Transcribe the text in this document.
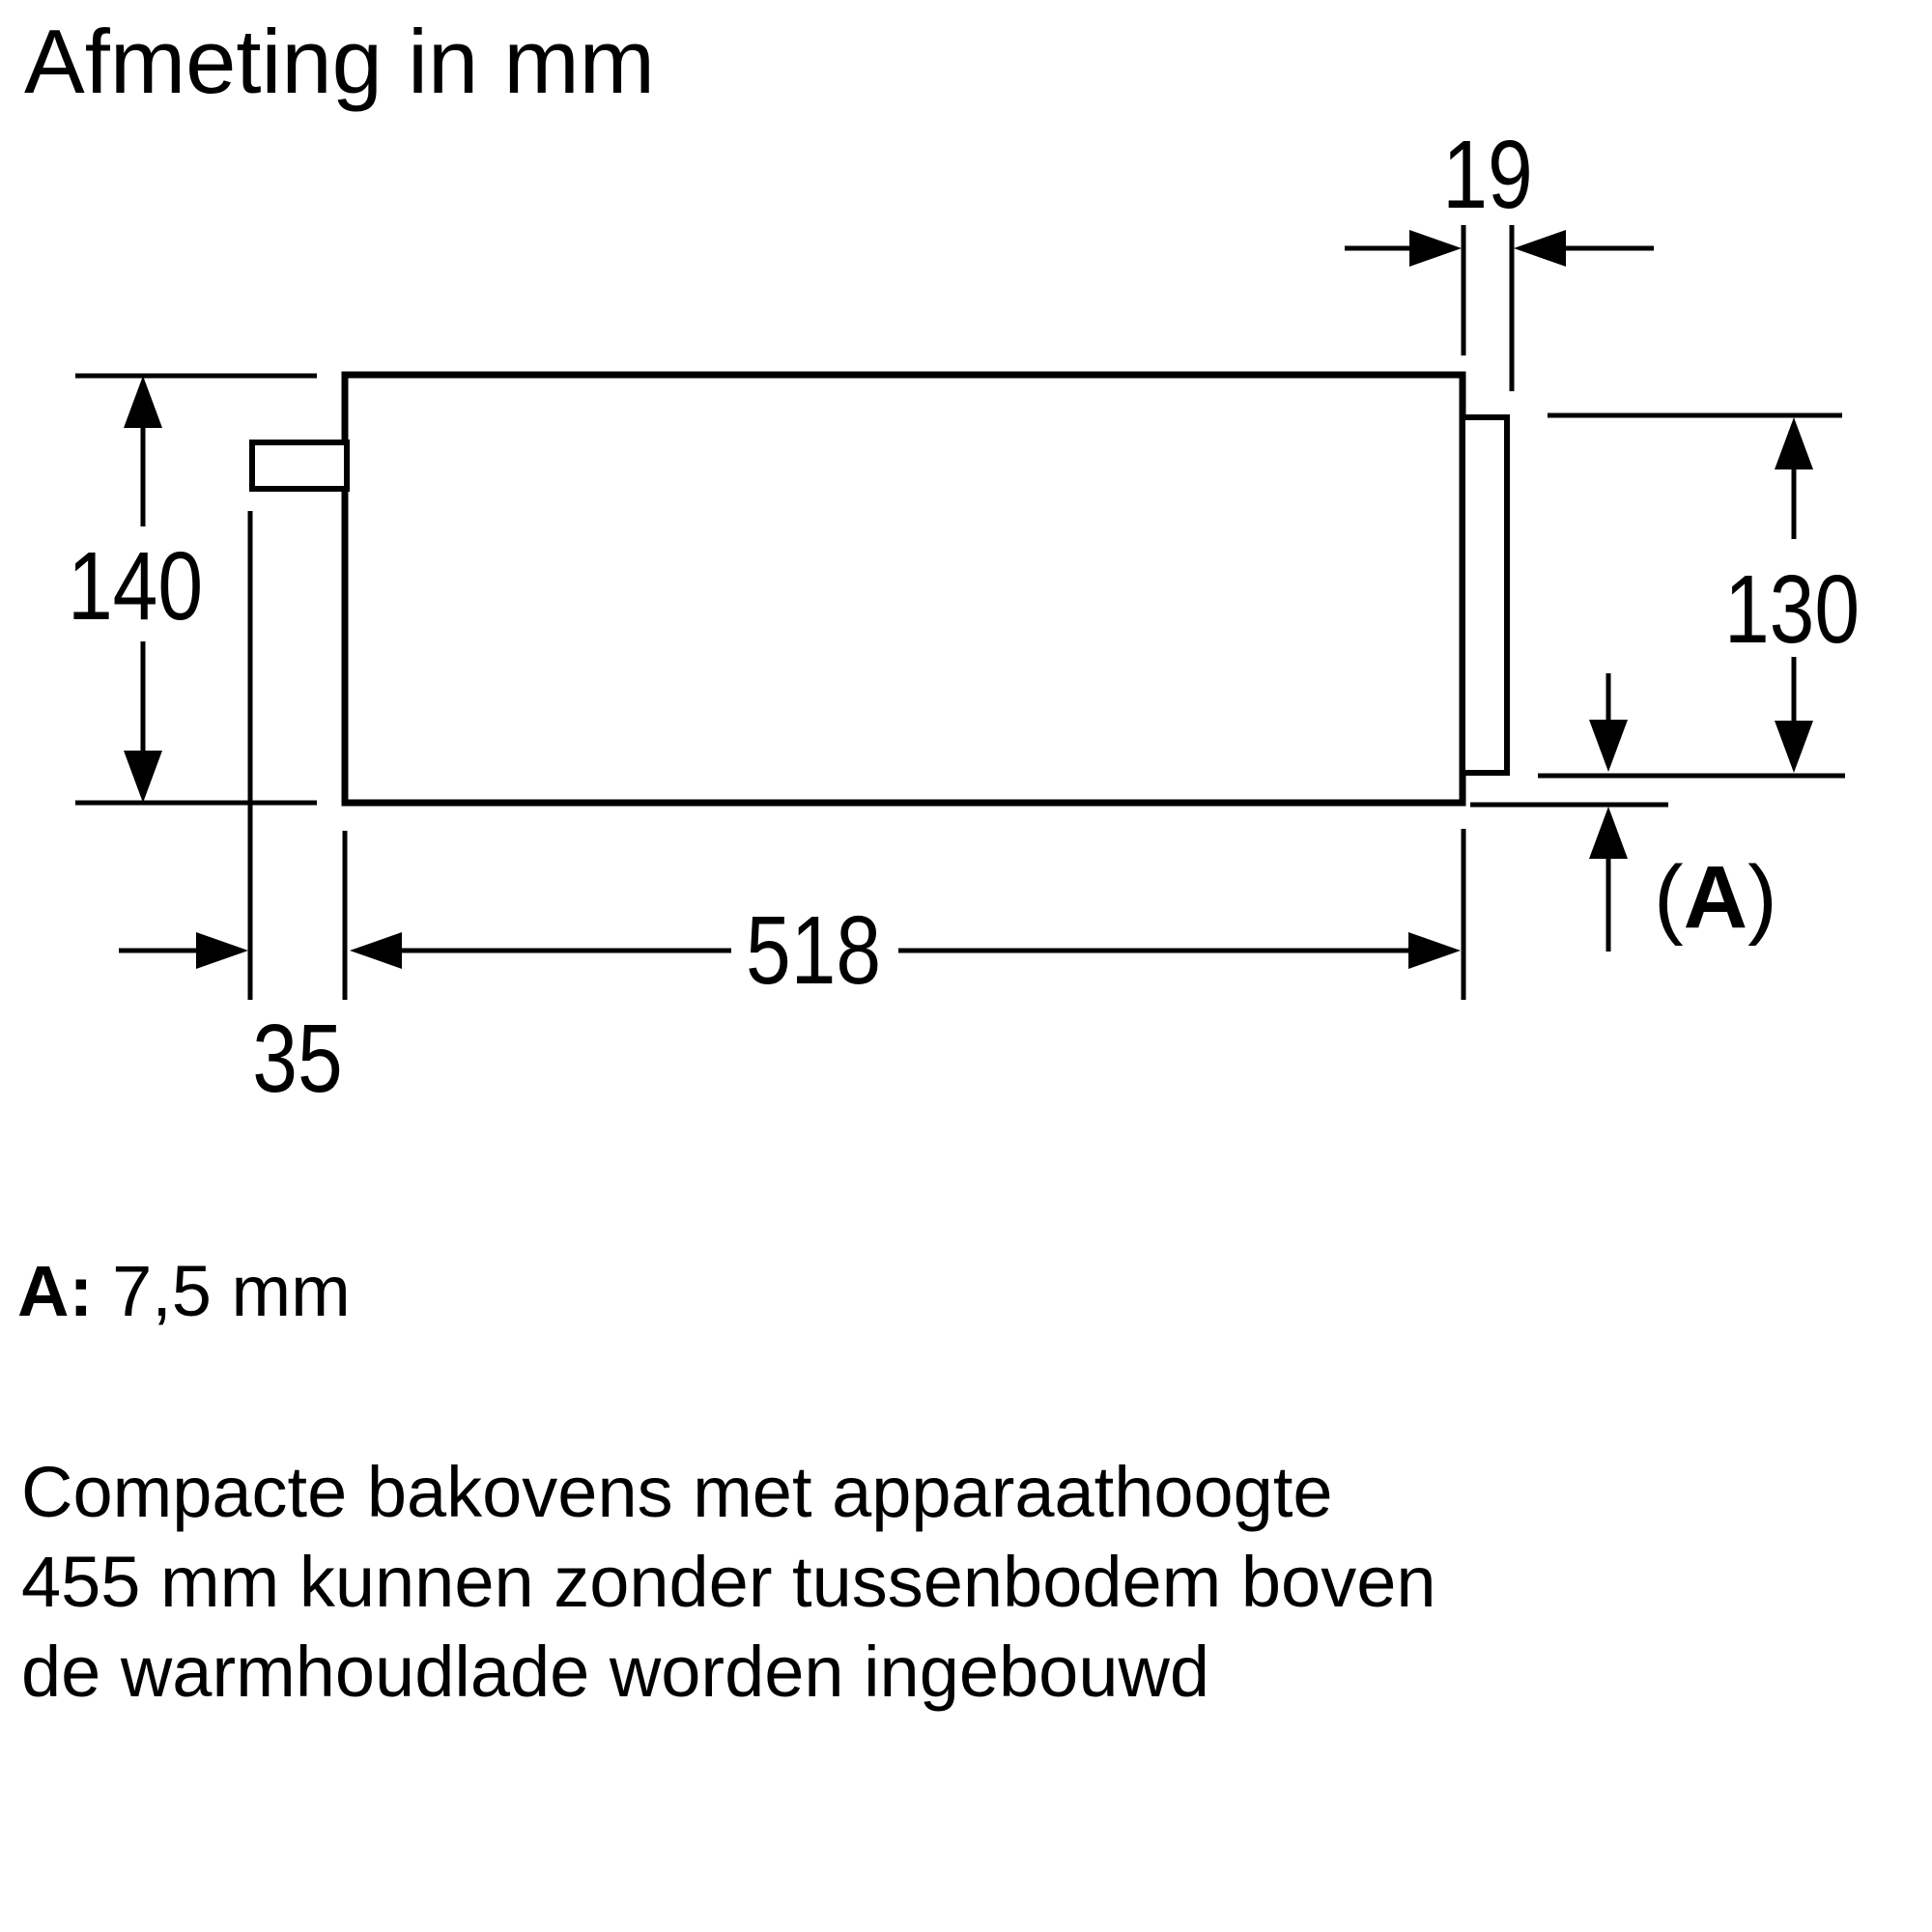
Afmeting in mm
19
140	130
(A)
518
35
A: 7,5 mm
Compacte bakovens met apparaathoogte
455 mm kunnen zonder tussenbodem boven
de warmhoudlade worden ingebouwd
